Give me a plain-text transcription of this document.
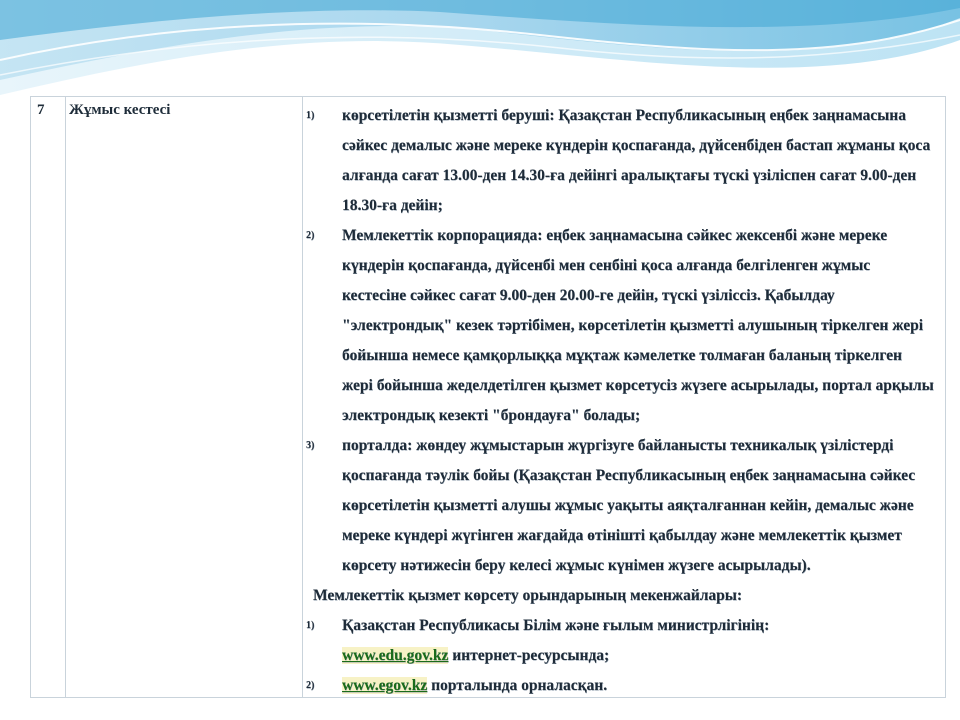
7 Жұмыс кестесі	1) көрсетілетін қызметті беруші: Қазақстан Республикасының еңбек заңнамасына сәйкес демалыс және мереке күндерін қоспағанда, дүйсенбіден бастап жұманы қоса алғанда сағат 13.00-ден 14.30-ға дейінгі аралықтағы түскі үзіліспен сағат 9.00-ден 18.30-ға дейін;
2) Мемлекеттік корпорацияда: еңбек заңнамасына сәйкес жексенбі және мереке күндерін қоспағанда, дүйсенбі мен сенбіні қоса алғанда белгіленген жұмыс кестесіне сәйкес сағат 9.00-ден 20.00-ге дейін, түскі үзіліссіз. Қабылдау "электрондық" кезек тәртібімен, көрсетілетін қызметті алушының тіркелген жері бойынша немесе қамқорлыққа мұқтаж кәмелетке толмаған баланың тіркелген жері бойынша жеделдетілген қызмет көрсетусіз жүзеге асырылады, портал арқылы электрондық кезекті "брондауға" болады;
3) порталда: жөндеу жұмыстарын жүргізуге байланысты техникалық үзілістерді қоспағанда тәулік бойы (Қазақстан Республикасының еңбек заңнамасына сәйкес көрсетілетін қызметті алушы жұмыс уақыты аяқталғаннан кейін, демалыс және мереке күндері жүгінген жағдайда өтінішті қабылдау және мемлекеттік қызмет көрсету нәтижесін беру келесі жұмыс күнімен жүзеге асырылады).
Мемлекеттік қызмет көрсету орындарының мекенжайлары:
1) Қазақстан Республикасы Білім және ғылым министрлігінің:
www.edu.gov.kz интернет-ресурсында;
2) www.egov.kz порталында орналасқан.
